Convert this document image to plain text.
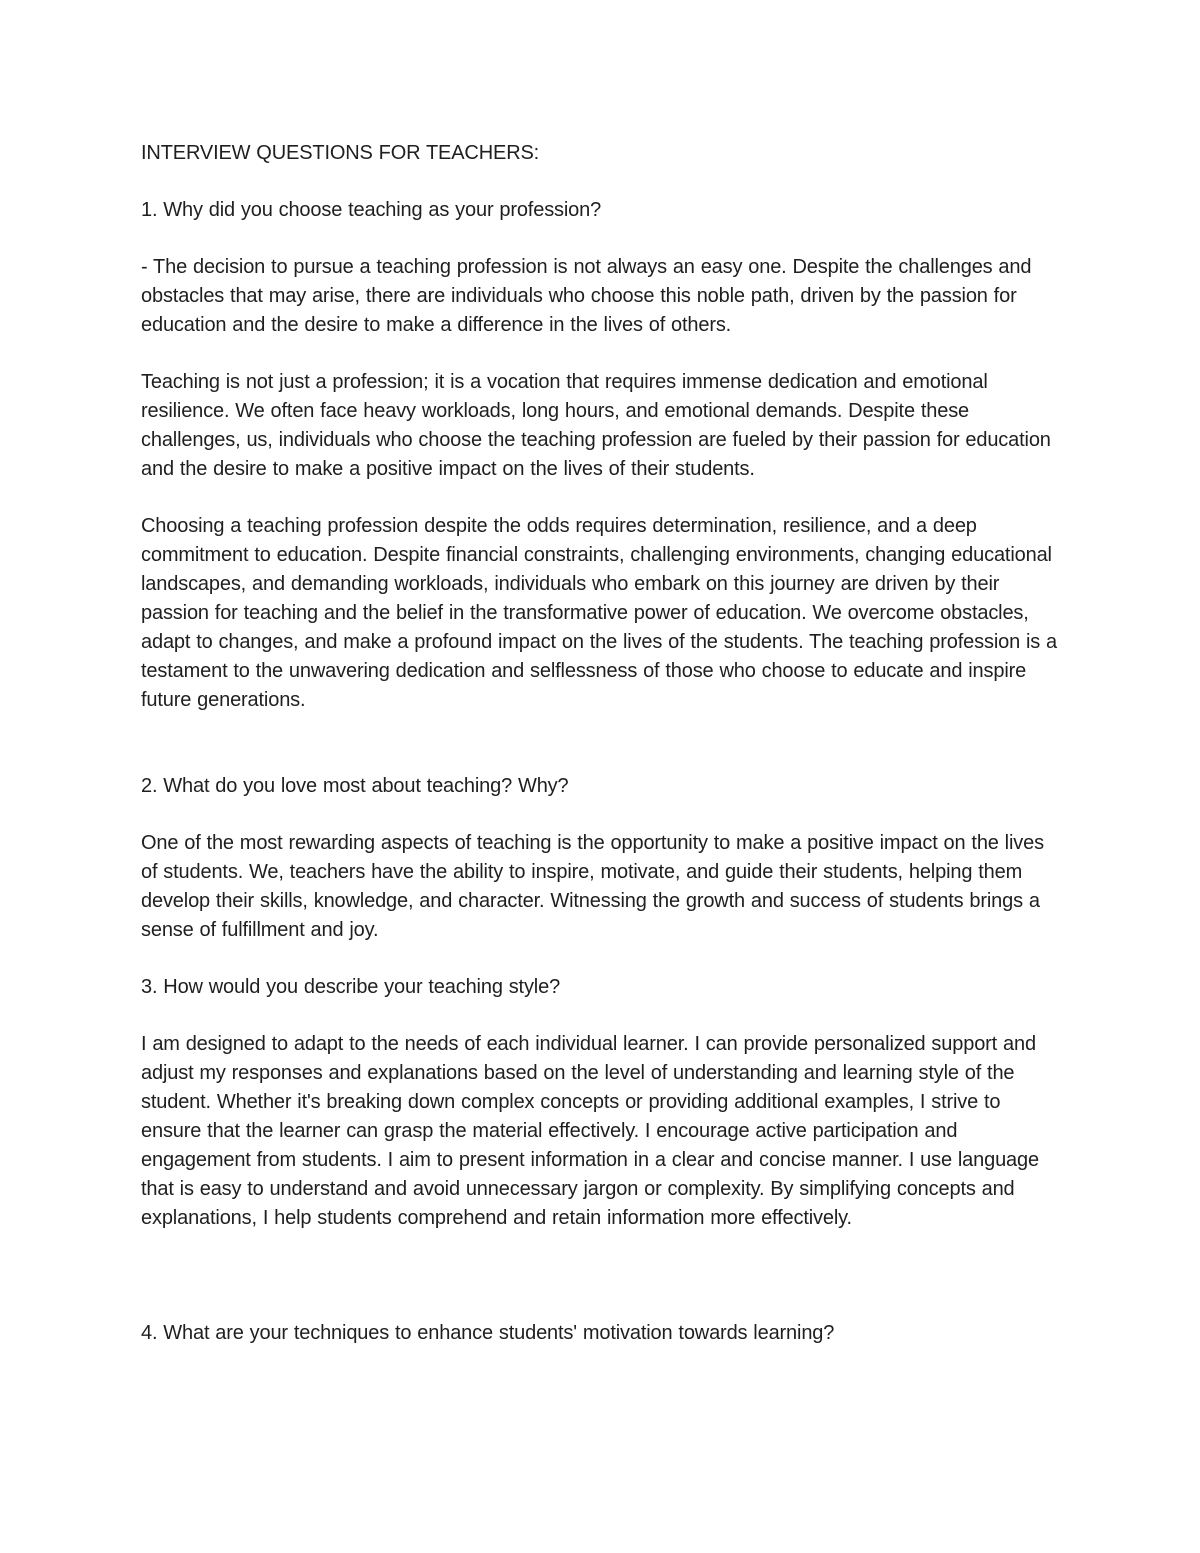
INTERVIEW QUESTIONS FOR TEACHERS:

1. Why did you choose teaching as your profession?

- The decision to pursue a teaching profession is not always an easy one. Despite the challenges and obstacles that may arise, there are individuals who choose this noble path, driven by the passion for education and the desire to make a difference in the lives of others.

Teaching is not just a profession; it is a vocation that requires immense dedication and emotional resilience. We often face heavy workloads, long hours, and emotional demands. Despite these challenges, us, individuals who choose the teaching profession are fueled by their passion for education and the desire to make a positive impact on the lives of their students.

Choosing a teaching profession despite the odds requires determination, resilience, and a deep commitment to education. Despite financial constraints, challenging environments, changing educational landscapes, and demanding workloads, individuals who embark on this journey are driven by their passion for teaching and the belief in the transformative power of education. We overcome obstacles, adapt to changes, and make a profound impact on the lives of the students. The teaching profession is a testament to the unwavering dedication and selflessness of those who choose to educate and inspire future generations.

2. What do you love most about teaching? Why?

One of the most rewarding aspects of teaching is the opportunity to make a positive impact on the lives of students. We, teachers have the ability to inspire, motivate, and guide their students, helping them develop their skills, knowledge, and character. Witnessing the growth and success of students brings a sense of fulfillment and joy.

3. How would you describe your teaching style?

I am designed to adapt to the needs of each individual learner. I can provide personalized support and adjust my responses and explanations based on the level of understanding and learning style of the student. Whether it's breaking down complex concepts or providing additional examples, I strive to ensure that the learner can grasp the material effectively. I encourage active participation and engagement from students. I aim to present information in a clear and concise manner. I use language that is easy to understand and avoid unnecessary jargon or complexity. By simplifying concepts and explanations, I help students comprehend and retain information more effectively.

4. What are your techniques to enhance students' motivation towards learning?
